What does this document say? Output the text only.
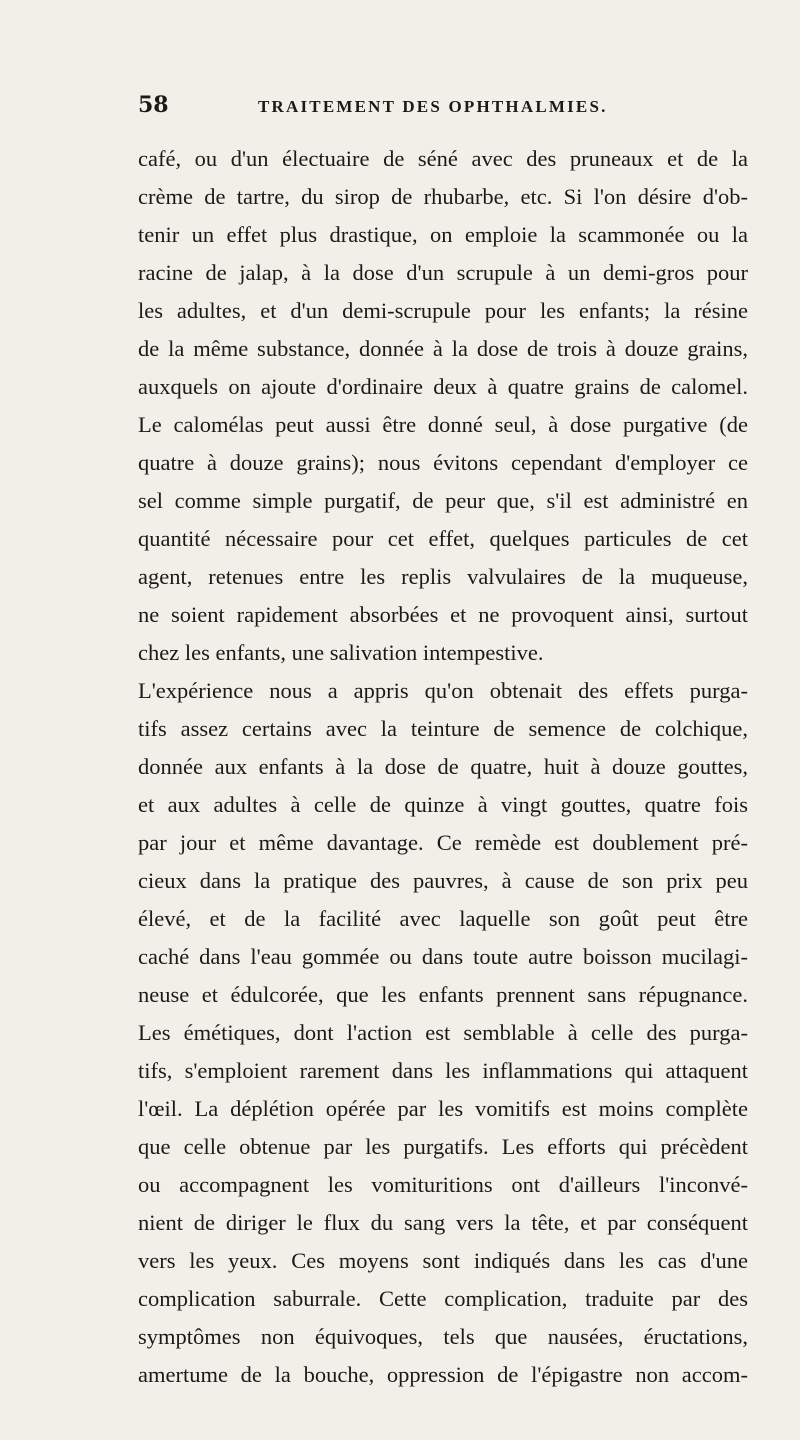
58	TRAITEMENT DES OPHTHALMIES.

café, ou d'un électuaire de séné avec des pruneaux et de la

crème de tartre, du sirop de rhubarbe, etc. Si l'on désire d'ob-

tenir un effet plus drastique, on emploie la scammonée ou la

racine de jalap, à la dose d'un scrupule à un demi-gros pour

les adultes, et d'un demi-scrupule pour les enfants; la résine

de la même substance, donnée à la dose de trois à douze grains,

auxquels on ajoute d'ordinaire deux à quatre grains de calomel.

Le calomélas peut aussi être donné seul, à dose purgative (de

quatre à douze grains); nous évitons cependant d'employer ce

sel comme simple purgatif, de peur que, s'il est administré en

quantité nécessaire pour cet effet, quelques particules de cet

agent, retenues entre les replis valvulaires de la muqueuse,

ne soient rapidement absorbées et ne provoquent ainsi, surtout

chez les enfants, une salivation intempestive.

L'expérience nous a appris qu'on obtenait des effets purga-

tifs assez certains avec la teinture de semence de colchique,

donnée aux enfants à la dose de quatre, huit à douze gouttes,

et aux adultes à celle de quinze à vingt gouttes, quatre fois

par jour et même davantage. Ce remède est doublement pré-

cieux dans la pratique des pauvres, à cause de son prix peu

élevé, et de la facilité avec laquelle son goût peut être

caché dans l'eau gommée ou dans toute autre boisson mucilagi-

neuse et édulcorée, que les enfants prennent sans répugnance.

Les émétiques, dont l'action est semblable à celle des purga-

tifs, s'emploient rarement dans les inflammations qui attaquent

l'œil. La déplétion opérée par les vomitifs est moins complète

que celle obtenue par les purgatifs. Les efforts qui précèdent

ou accompagnent les vomituritions ont d'ailleurs l'inconvé-

nient de diriger le flux du sang vers la tête, et par conséquent

vers les yeux. Ces moyens sont indiqués dans les cas d'une

complication saburrale. Cette complication, traduite par des

symptômes non équivoques, tels que nausées, éructations,

amertume de la bouche, oppression de l'épigastre non accom-
